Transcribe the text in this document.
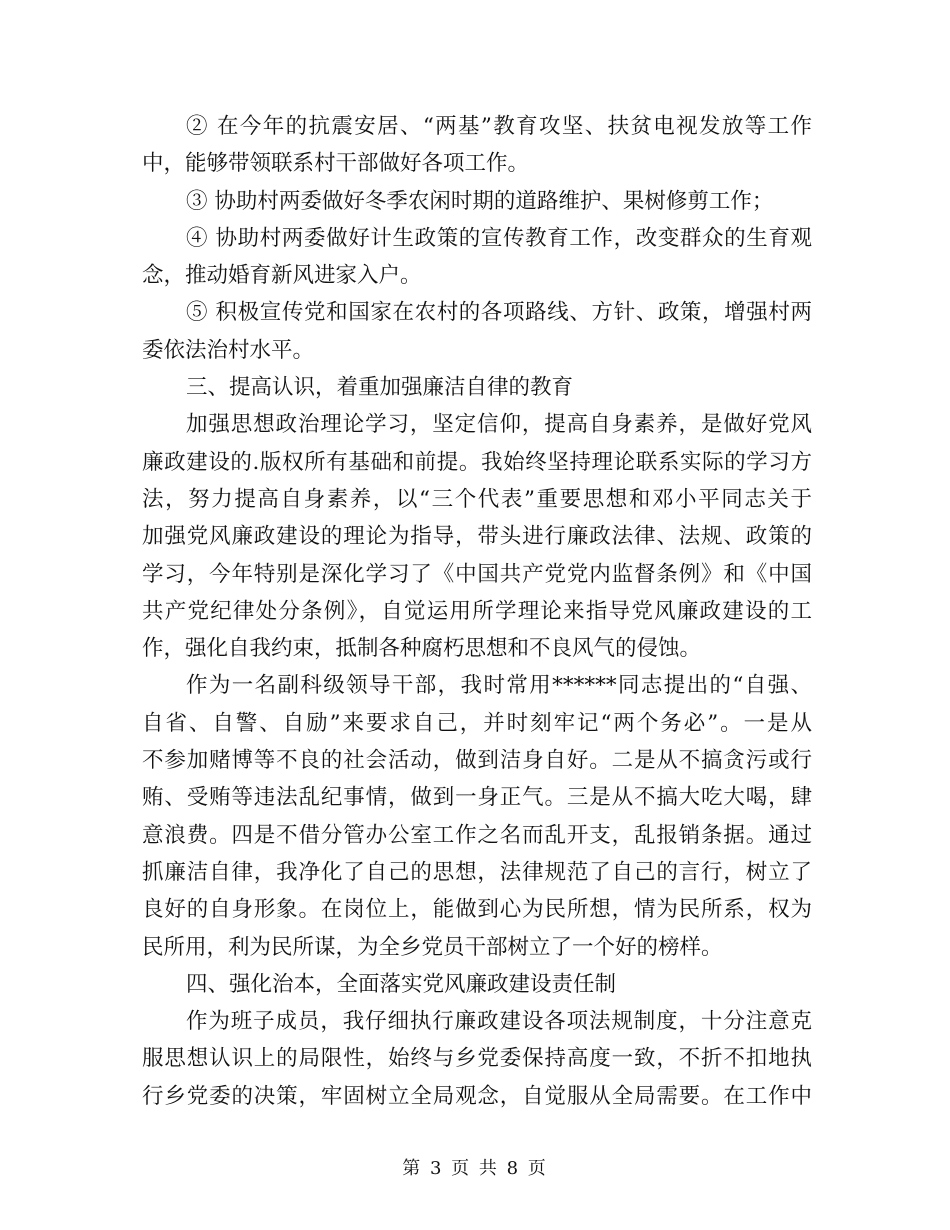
② 在今年的抗震安居、“两基”教育攻坚、扶贫电视发放等工作
中，能够带领联系村干部做好各项工作。
③ 协助村两委做好冬季农闲时期的道路维护、果树修剪工作；
④ 协助村两委做好计生政策的宣传教育工作，改变群众的生育观
念，推动婚育新风进家入户。
⑤ 积极宣传党和国家在农村的各项路线、方针、政策，增强村两
委依法治村水平。
三、提高认识，着重加强廉洁自律的教育
加强思想政治理论学习，坚定信仰，提高自身素养，是做好党风
廉政建设的.版权所有基础和前提。我始终坚持理论联系实际的学习方
法，努力提高自身素养，以“三个代表”重要思想和邓小平同志关于
加强党风廉政建设的理论为指导，带头进行廉政法律、法规、政策的
学习，今年特别是深化学习了《中国共产党党内监督条例》和《中国
共产党纪律处分条例》，自觉运用所学理论来指导党风廉政建设的工
作，强化自我约束，抵制各种腐朽思想和不良风气的侵蚀。
作为一名副科级领导干部，我时常用******同志提出的“自强、
自省、自警、自励”来要求自己，并时刻牢记“两个务必”。一是从
不参加赌博等不良的社会活动，做到洁身自好。二是从不搞贪污或行
贿、受贿等违法乱纪事情，做到一身正气。三是从不搞大吃大喝，肆
意浪费。四是不借分管办公室工作之名而乱开支，乱报销条据。通过
抓廉洁自律，我净化了自己的思想，法律规范了自己的言行，树立了
良好的自身形象。在岗位上，能做到心为民所想，情为民所系，权为
民所用，利为民所谋，为全乡党员干部树立了一个好的榜样。
四、强化治本，全面落实党风廉政建设责任制
作为班子成员，我仔细执行廉政建设各项法规制度，十分注意克
服思想认识上的局限性，始终与乡党委保持高度一致，不折不扣地执
行乡党委的决策，牢固树立全局观念，自觉服从全局需要。在工作中
第 3 页 共 8 页
